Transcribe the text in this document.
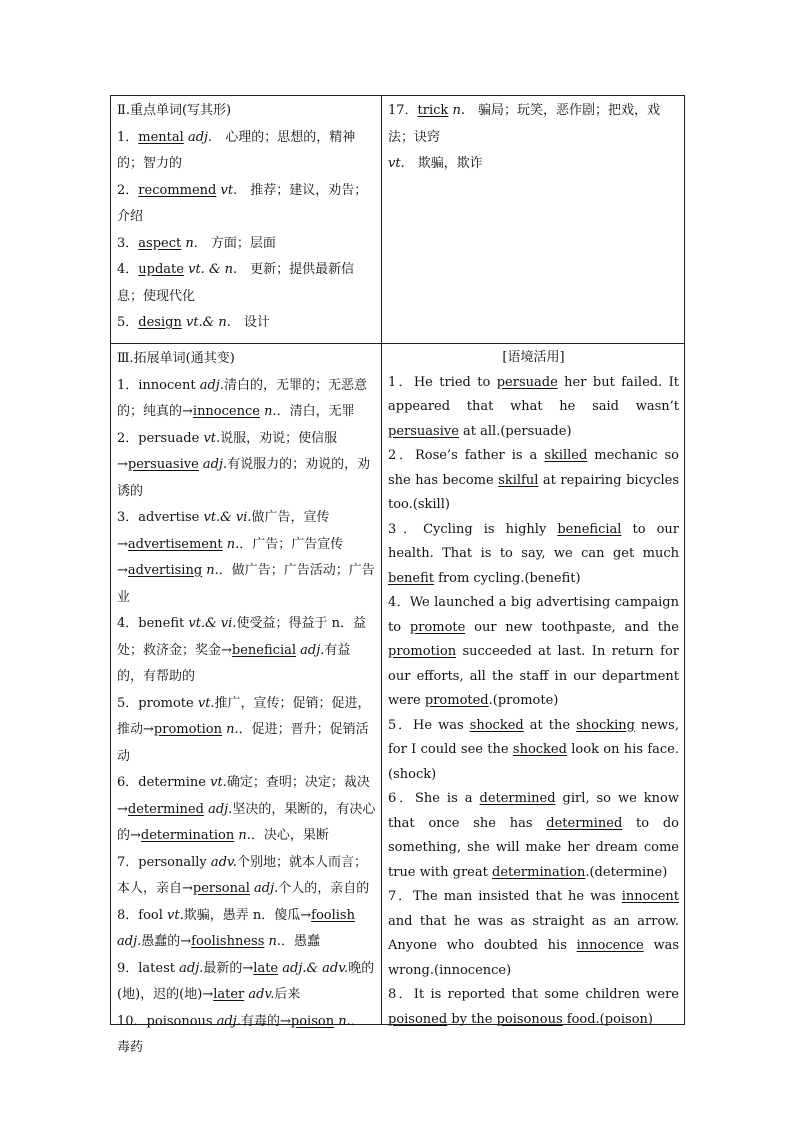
Ⅱ.重点单词(写其形)

1．mental adj.　心理的；思想的，精神的；智力的

2．recommend vt.　推荐；建议，劝告；介绍

3．aspect n.　方面；层面

4．update vt. & n.　更新；提供最新信息；使现代化

5．design vt.& n.　设计

17．trick n.　骗局；玩笑，恶作剧；把戏，戏法；诀窍

vt.　欺骗，欺诈

Ⅲ.拓展单词(通其变)

1．innocent adj.清白的，无罪的；无恶意的；纯真的→innocence n.．清白，无罪

2．persuade vt.说服，劝说；使信服→persuasive adj.有说服力的；劝说的，劝诱的

3．advertise vt.& vi.做广告，宣传→advertisement n.．广告；广告宣传→advertising n.．做广告；广告活动；广告业

4．benefit vt.& vi.使受益；得益于 n．益处；救济金；奖金→beneficial adj.有益的，有帮助的

5．promote vt.推广，宣传；促销；促进，推动→promotion n.．促进；晋升；促销活动

6．determine vt.确定；查明；决定；裁决→determined adj.坚决的，果断的，有决心的→determination n.．决心，果断

7．personally adv.个别地；就本人而言；本人，亲自→personal adj.个人的，亲自的

8．fool vt.欺骗，愚弄 n．傻瓜→foolish adj.愚蠢的→foolishness n.．愚蠢

9．latest adj.最新的→late adj.& adv.晚的(地)，迟的(地)→later adv.后来

10．poisonous adj.有毒的→poison n.．毒药

[语境活用]

1．He tried to persuade her but failed. It appeared that what he said wasn’t persuasive at all.(persuade)

2．Rose’s father is a skilled mechanic so she has become skilful at repairing bicycles too.(skill)

3．Cycling is highly beneficial to our health. That is to say, we can get much benefit from cycling.(benefit)

4．We launched a big advertising campaign to promote our new toothpaste, and the promotion succeeded at last. In return for our efforts, all the staff in our department were promoted.(promote)

5．He was shocked at the shocking news, for I could see the shocked look on his face.(shock)

6．She is a determined girl, so we know that once she has determined to do something, she will make her dream come true with great determination.(determine)

7．The man insisted that he was innocent and that he was as straight as an arrow. Anyone who doubted his innocence was wrong.(innocence)

8．It is reported that some children were poisoned by the poisonous food.(poison)
